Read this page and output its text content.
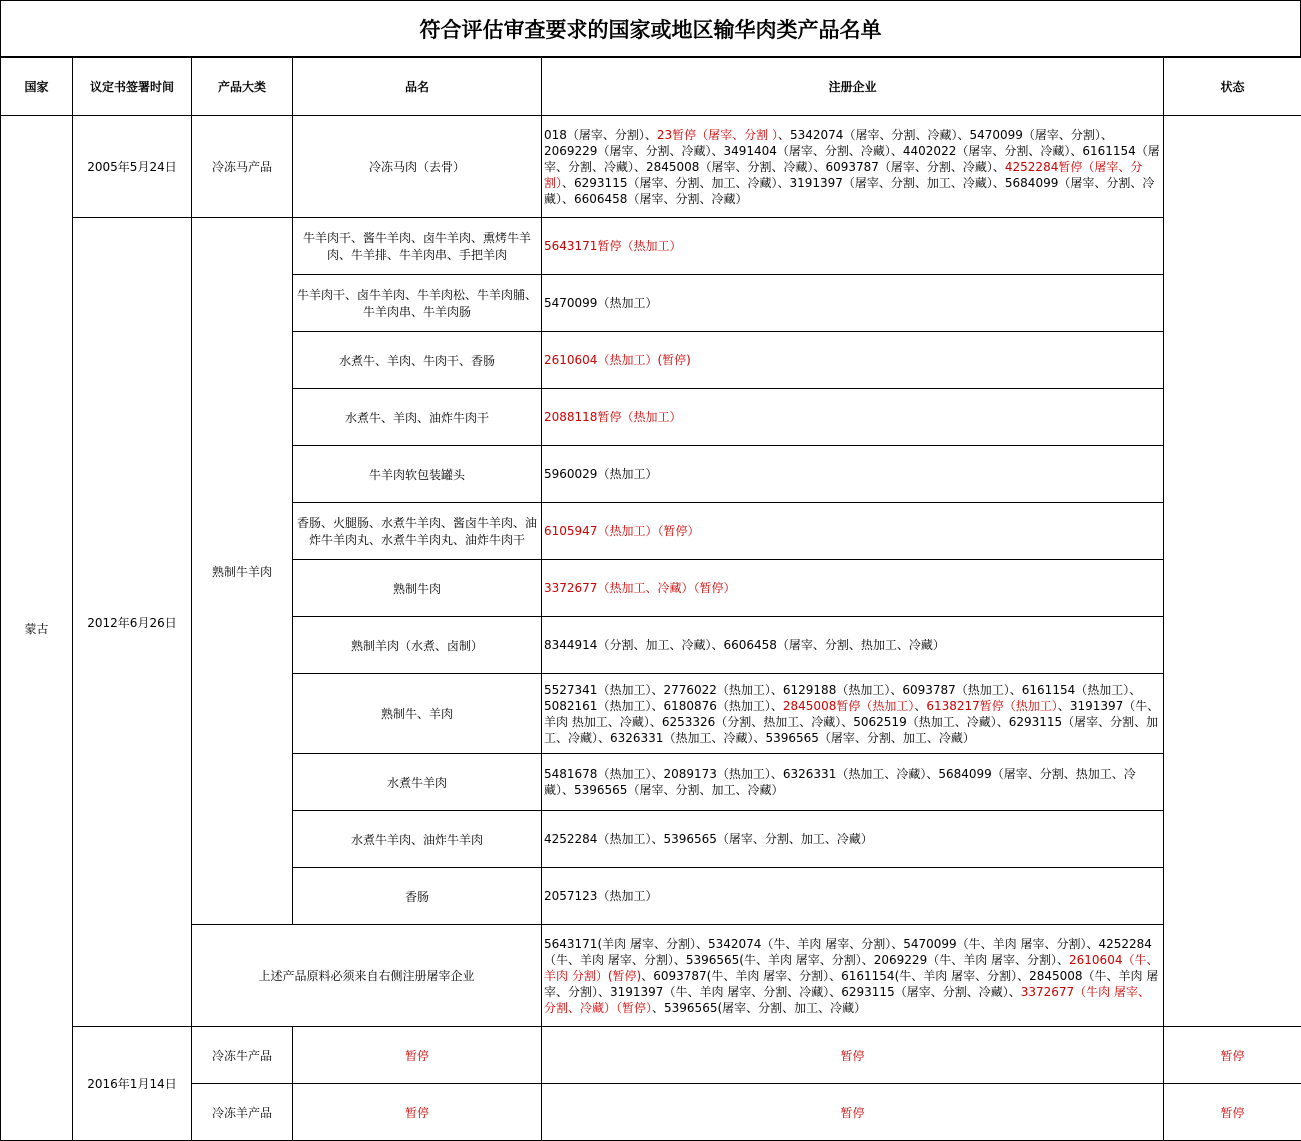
符合评估审查要求的国家或地区输华肉类产品名单
国家	议定书签署时间	产品大类	品名	注册企业	状态
蒙古	2005年5月24日	冷冻马产品	冷冻马肉（去骨）	018（屠宰、分割）、23暂停（屠宰、分割 ）、5342074（屠宰、分割、冷藏）、5470099（屠宰、分割）、2069229（屠宰、分割、冷藏）、3491404（屠宰、分割、冷藏）、4402022（屠宰、分割、冷藏）、6161154（屠宰、分割、冷藏）、2845008（屠宰、分割、冷藏）、6093787（屠宰、分割、冷藏）、4252284暂停（屠宰、分割）、6293115（屠宰、分割、加工、冷藏）、3191397（屠宰、分割、加工、冷藏）、5684099（屠宰、分割、冷藏）、6606458（屠宰、分割、冷藏）	
	2012年6月26日	熟制牛羊肉	牛羊肉干、酱牛羊肉、卤牛羊肉、熏烤牛羊肉、牛羊排、牛羊肉串、手把羊肉	5643171暂停（热加工）	
			牛羊肉干、卤牛羊肉、牛羊肉松、牛羊肉脯、牛羊肉串、牛羊肉肠	5470099（热加工）	
			水煮牛、羊肉、牛肉干、香肠	2610604（热加工）(暂停)	
			水煮牛、羊肉、油炸牛肉干	2088118暂停（热加工）	
			牛羊肉软包装罐头	5960029（热加工）	
			香肠、火腿肠、水煮牛羊肉、酱卤牛羊肉、油炸牛羊肉丸、水煮牛羊肉丸、油炸牛肉干	6105947（热加工）（暂停）	
			熟制牛肉	3372677（热加工、冷藏）（暂停）	
			熟制羊肉（水煮、卤制）	8344914（分割、加工、冷藏）、6606458（屠宰、分割、热加工、冷藏）	
			熟制牛、羊肉	5527341（热加工）、2776022（热加工）、6129188（热加工）、6093787（热加工）、6161154（热加工）、5082161（热加工）、6180876（热加工）、2845008暂停（热加工）、6138217暂停（热加工）、3191397（牛、羊肉 热加工、冷藏）、6253326（分割、热加工、冷藏）、5062519（热加工、冷藏）、6293115（屠宰、分割、加工、冷藏）、6326331（热加工、冷藏）、5396565（屠宰、分割、加工、冷藏）	
			水煮牛羊肉	5481678（热加工）、2089173（热加工）、6326331（热加工、冷藏）、5684099（屠宰、分割、热加工、冷藏）、5396565（屠宰、分割、加工、冷藏）	
			水煮牛羊肉、油炸牛羊肉	4252284（热加工）、5396565（屠宰、分割、加工、冷藏）	
			香肠	2057123（热加工）	
		上述产品原料必须来自右侧注册屠宰企业		5643171(羊肉 屠宰、分割）、5342074（牛、羊肉 屠宰、分割）、5470099（牛、羊肉 屠宰、分割）、4252284（牛、羊肉 屠宰、分割）、5396565(牛、羊肉 屠宰、分割）、2069229（牛、羊肉 屠宰、分割）、2610604（牛、羊肉 分割）(暂停)、6093787(牛、羊肉 屠宰、分割）、6161154(牛、羊肉 屠宰、分割）、2845008（牛、羊肉 屠宰、分割）、3191397（牛、羊肉 屠宰、分割、冷藏）、6293115（屠宰、分割、冷藏）、3372677（牛肉 屠宰、分割、冷藏）（暂停）、5396565(屠宰、分割、加工、冷藏）	
	2016年1月14日	冷冻牛产品	暂停	暂停	暂停
		冷冻羊产品	暂停	暂停	暂停
